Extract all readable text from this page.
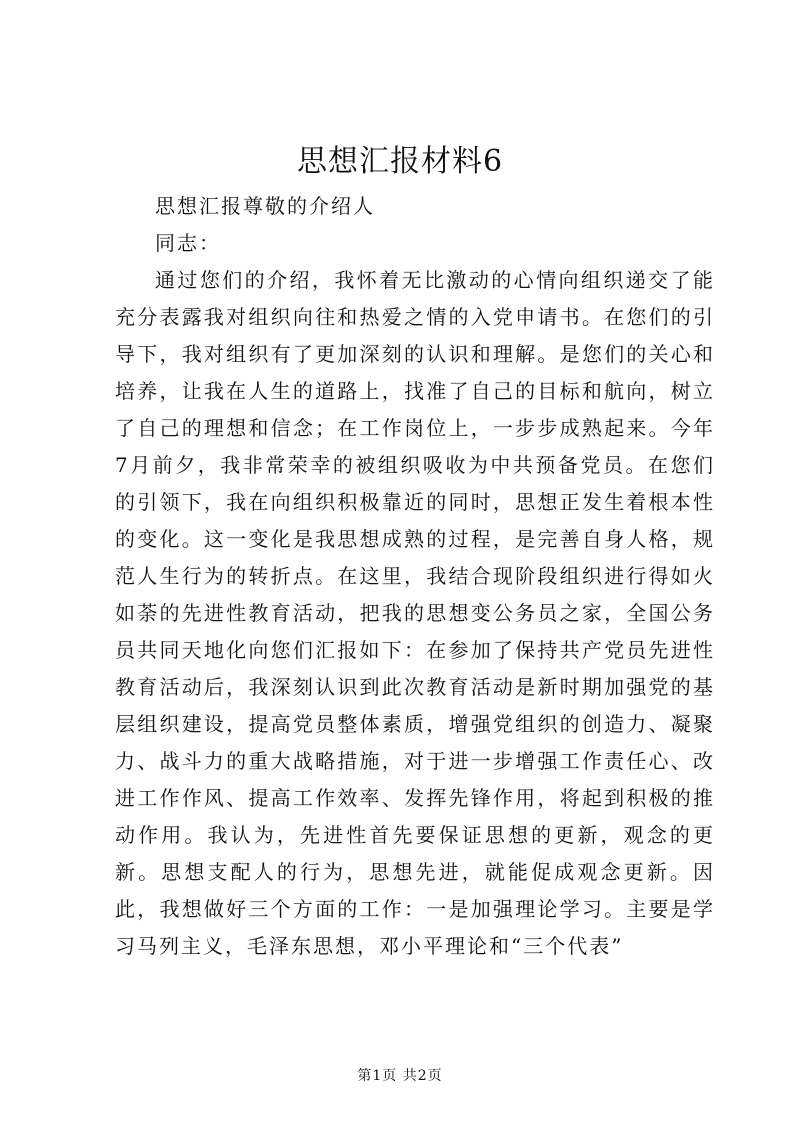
思想汇报材料6

思想汇报尊敬的介绍人

同志：

通过您们的介绍，我怀着无比激动的心情向组织递交了能充分表露我对组织向往和热爱之情的入党申请书。在您们的引导下，我对组织有了更加深刻的认识和理解。是您们的关心和培养，让我在人生的道路上，找准了自己的目标和航向，树立了自己的理想和信念；在工作岗位上，一步步成熟起来。今年7月前夕，我非常荣幸的被组织吸收为中共预备党员。在您们的引领下，我在向组织积极靠近的同时，思想正发生着根本性的变化。这一变化是我思想成熟的过程，是完善自身人格，规范人生行为的转折点。在这里，我结合现阶段组织进行得如火如荼的先进性教育活动，把我的思想变公务员之家，全国公务员共同天地化向您们汇报如下：在参加了保持共产党员先进性教育活动后，我深刻认识到此次教育活动是新时期加强党的基层组织建设，提高党员整体素质，增强党组织的创造力、凝聚力、战斗力的重大战略措施，对于进一步增强工作责任心、改进工作作风、提高工作效率、发挥先锋作用，将起到积极的推动作用。我认为，先进性首先要保证思想的更新，观念的更新。思想支配人的行为，思想先进，就能促成观念更新。因此，我想做好三个方面的工作：一是加强理论学习。主要是学习马列主义，毛泽东思想，邓小平理论和“三个代表”

第1页 共2页
